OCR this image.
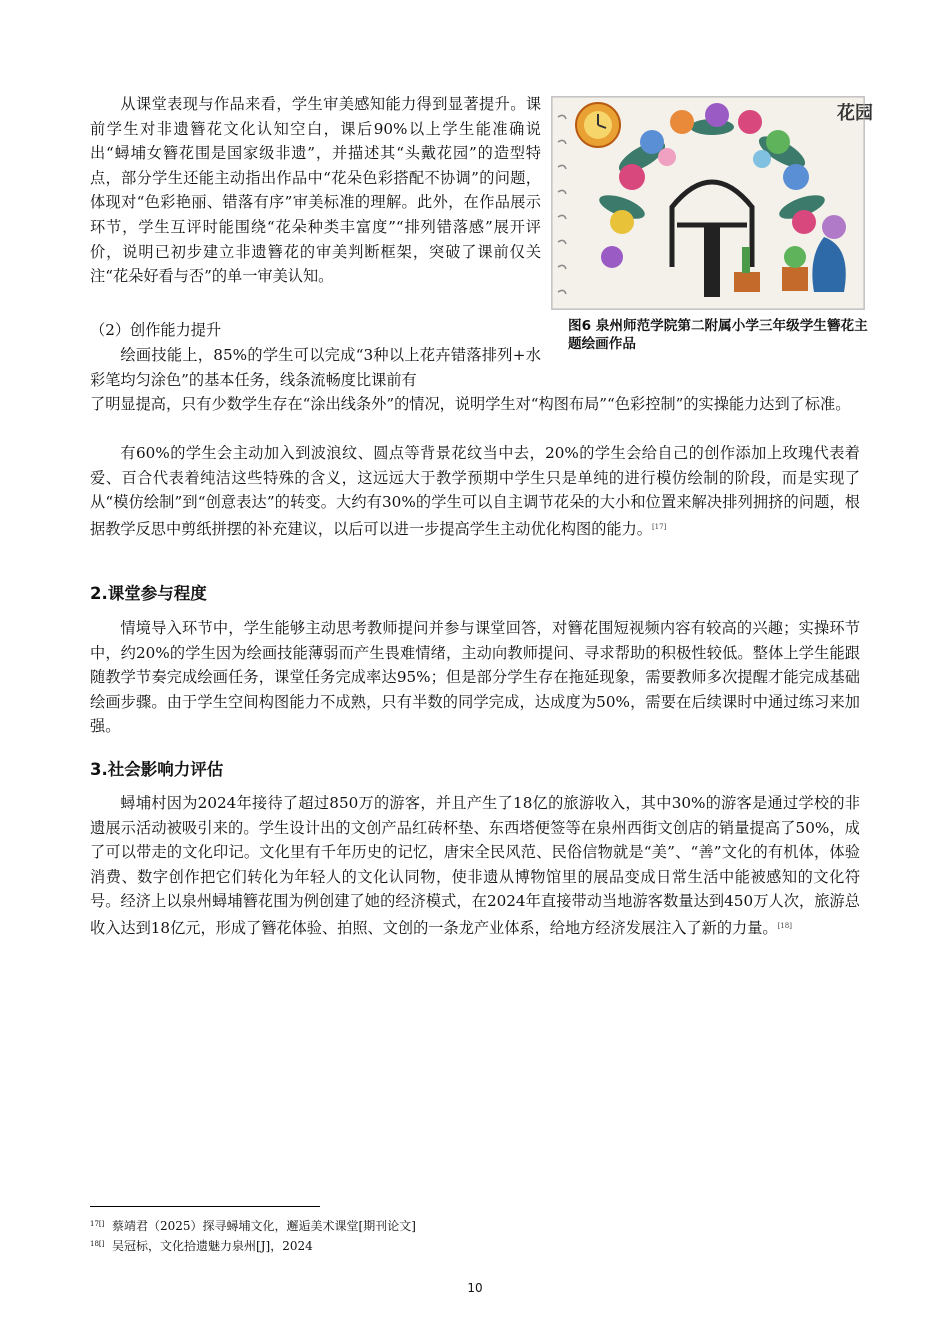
从课堂表现与作品来看，学生审美感知能力得到显著提升。课前学生对非遗簪花文化认知空白，课后90%以上学生能准确说出“蟳埔女簪花围是国家级非遗”，并描述其“头戴花园”的造型特点，部分学生还能主动指出作品中“花朵色彩搭配不协调”的问题，体现对“色彩艳丽、错落有序”审美标准的理解。此外，在作品展示环节，学生互评时能围绕“花朵种类丰富度”“排列错落感”展开评价，说明已初步建立非遗簪花的审美判断框架，突破了课前仅关注“花朵好看与否”的单一审美认知。

（2）创作能力提升

绘画技能上，85%的学生可以完成“3种以上花卉错落排列+水彩笔均匀涂色”的基本任务，线条流畅度比课前有

了明显提高，只有少数学生存在“涂出线条外”的情况，说明学生对“构图布局”“色彩控制”的实操能力达到了标准。

有60%的学生会主动加入到波浪纹、圆点等背景花纹当中去，20%的学生会给自己的创作添加上玫瑰代表着爱、百合代表着纯洁这些特殊的含义，这远远大于教学预期中学生只是单纯的进行模仿绘制的阶段，而是实现了从“模仿绘制”到“创意表达”的转变。大约有30%的学生可以自主调节花朵的大小和位置来解决排列拥挤的问题，根据教学反思中剪纸拼摆的补充建议，以后可以进一步提高学生主动优化构图的能力。[17]

2.课堂参与程度

情境导入环节中，学生能够主动思考教师提问并参与课堂回答，对簪花围短视频内容有较高的兴趣；实操环节中，约20%的学生因为绘画技能薄弱而产生畏难情绪，主动向教师提问、寻求帮助的积极性较低。整体上学生能跟随教学节奏完成绘画任务，课堂任务完成率达95%；但是部分学生存在拖延现象，需要教师多次提醒才能完成基础绘画步骤。由于学生空间构图能力不成熟，只有半数的同学完成，达成度为50%，需要在后续课时中通过练习来加强。

3.社会影响力评估

蟳埔村因为2024年接待了超过850万的游客，并且产生了18亿的旅游收入，其中30%的游客是通过学校的非遗展示活动被吸引来的。学生设计出的文创产品红砖杯垫、东西塔便签等在泉州西街文创店的销量提高了50%，成了可以带走的文化印记。文化里有千年历史的记忆，唐宋全民风范、民俗信物就是“美”、“善”文化的有机体，体验消费、数字创作把它们转化为年轻人的文化认同物，使非遗从博物馆里的展品变成日常生活中能被感知的文化符号。经济上以泉州蟳埔簪花围为例创建了她的经济模式，在2024年直接带动当地游客数量达到450万人次，旅游总收入达到18亿元，形成了簪花体验、拍照、文创的一条龙产业体系，给地方经济发展注入了新的力量。[18]

花园

图6 泉州师范学院第二附属小学三年级学生簪花主题绘画作品

$^{17[]}$ 蔡靖君（2025）探寻蟳埔文化，邂逅美术课堂[期刊论文]

$^{18[]}$ 吴冠标，文化拾遗魅力泉州[J]，2024

10
